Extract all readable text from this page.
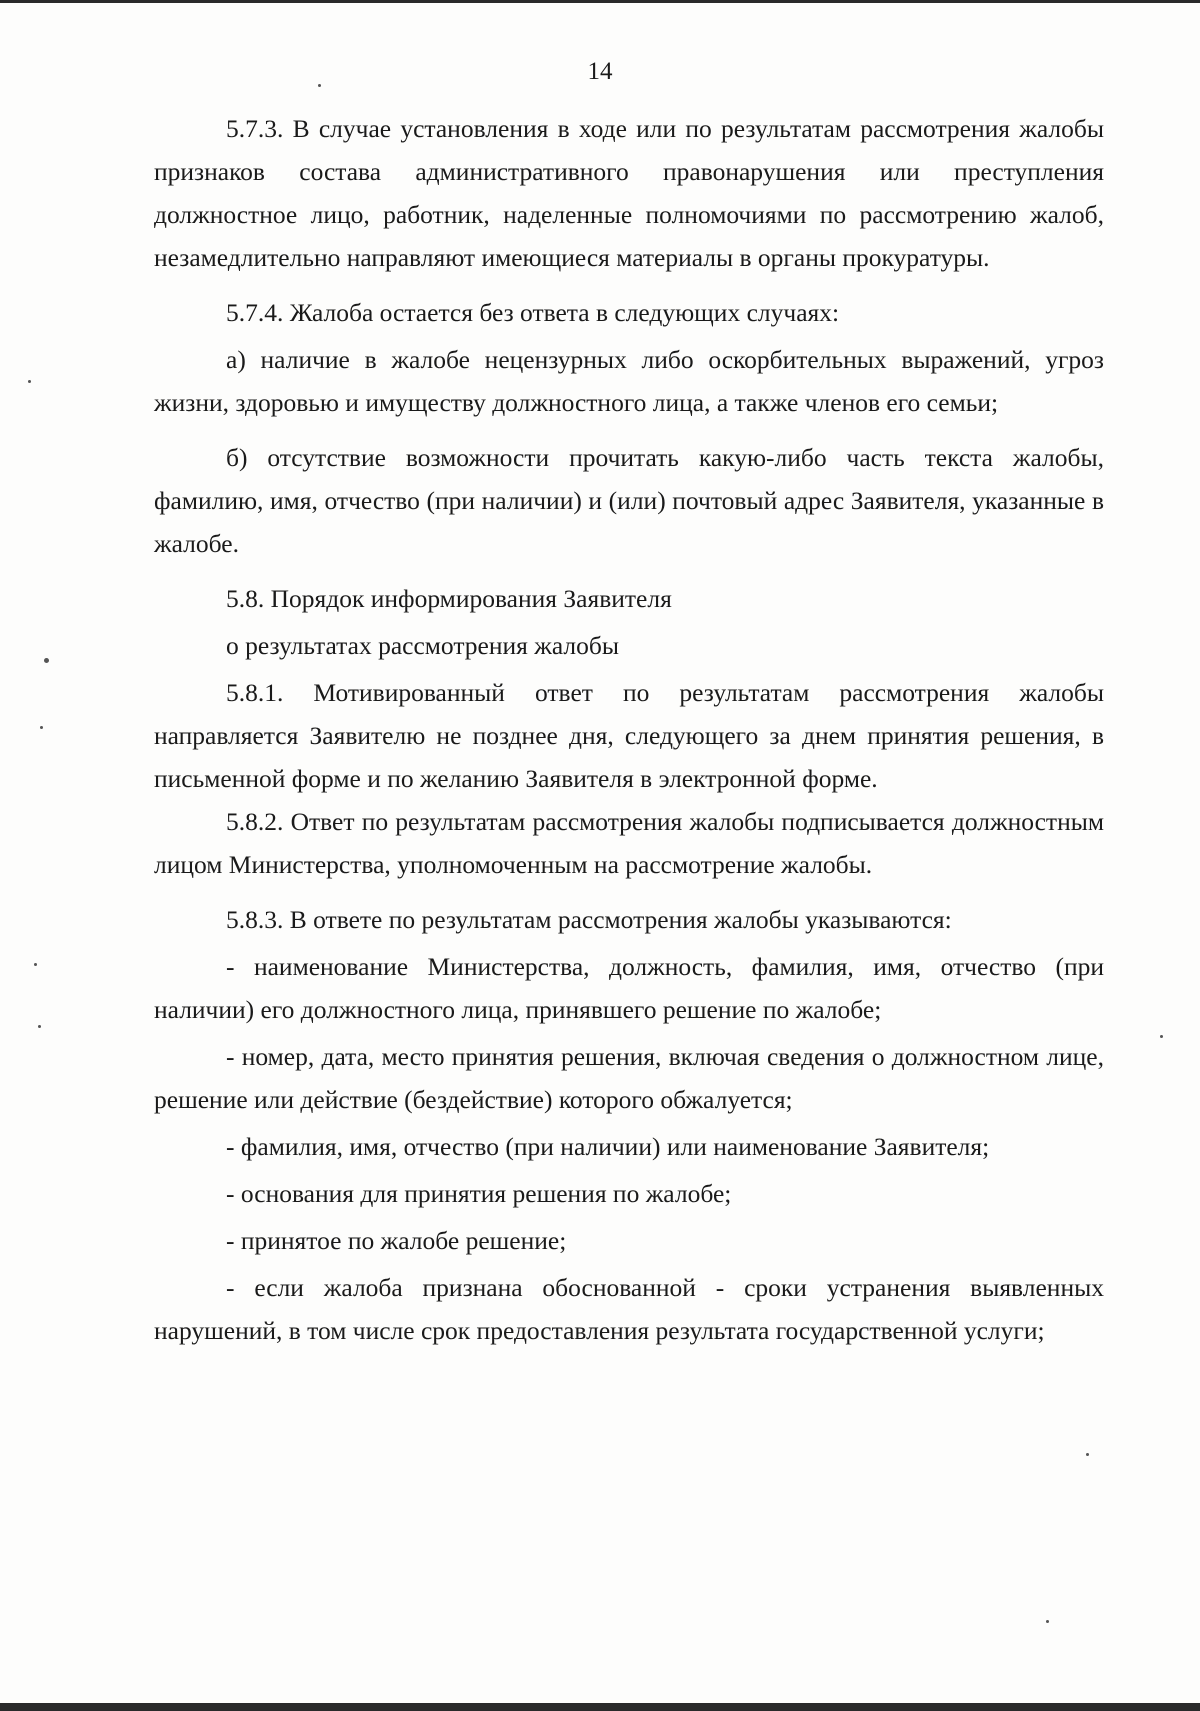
14

5.7.3. В случае установления в ходе или по результатам рассмотрения жалобы признаков состава административного правонарушения или преступления должностное лицо, работник, наделенные полномочиями по рассмотрению жалоб, незамедлительно направляют имеющиеся материалы в органы прокуратуры.

5.7.4. Жалоба остается без ответа в следующих случаях:

а) наличие в жалобе нецензурных либо оскорбительных выражений, угроз жизни, здоровью и имуществу должностного лица, а также членов его семьи;

б) отсутствие возможности прочитать какую-либо часть текста жалобы, фамилию, имя, отчество (при наличии) и (или) почтовый адрес Заявителя, указанные в жалобе.

5.8. Порядок информирования Заявителя

о результатах рассмотрения жалобы

5.8.1. Мотивированный ответ по результатам рассмотрения жалобы направляется Заявителю не позднее дня, следующего за днем принятия решения, в письменной форме и по желанию Заявителя в электронной форме.

5.8.2. Ответ по результатам рассмотрения жалобы подписывается должностным лицом Министерства, уполномоченным на рассмотрение жалобы.

5.8.3. В ответе по результатам рассмотрения жалобы указываются:

- наименование Министерства, должность, фамилия, имя, отчество (при наличии) его должностного лица, принявшего решение по жалобе;

- номер, дата, место принятия решения, включая сведения о должностном лице, решение или действие (бездействие) которого обжалуется;

- фамилия, имя, отчество (при наличии) или наименование Заявителя;

- основания для принятия решения по жалобе;

- принятое по жалобе решение;

- если жалоба признана обоснованной - сроки устранения выявленных нарушений, в том числе срок предоставления результата государственной услуги;
